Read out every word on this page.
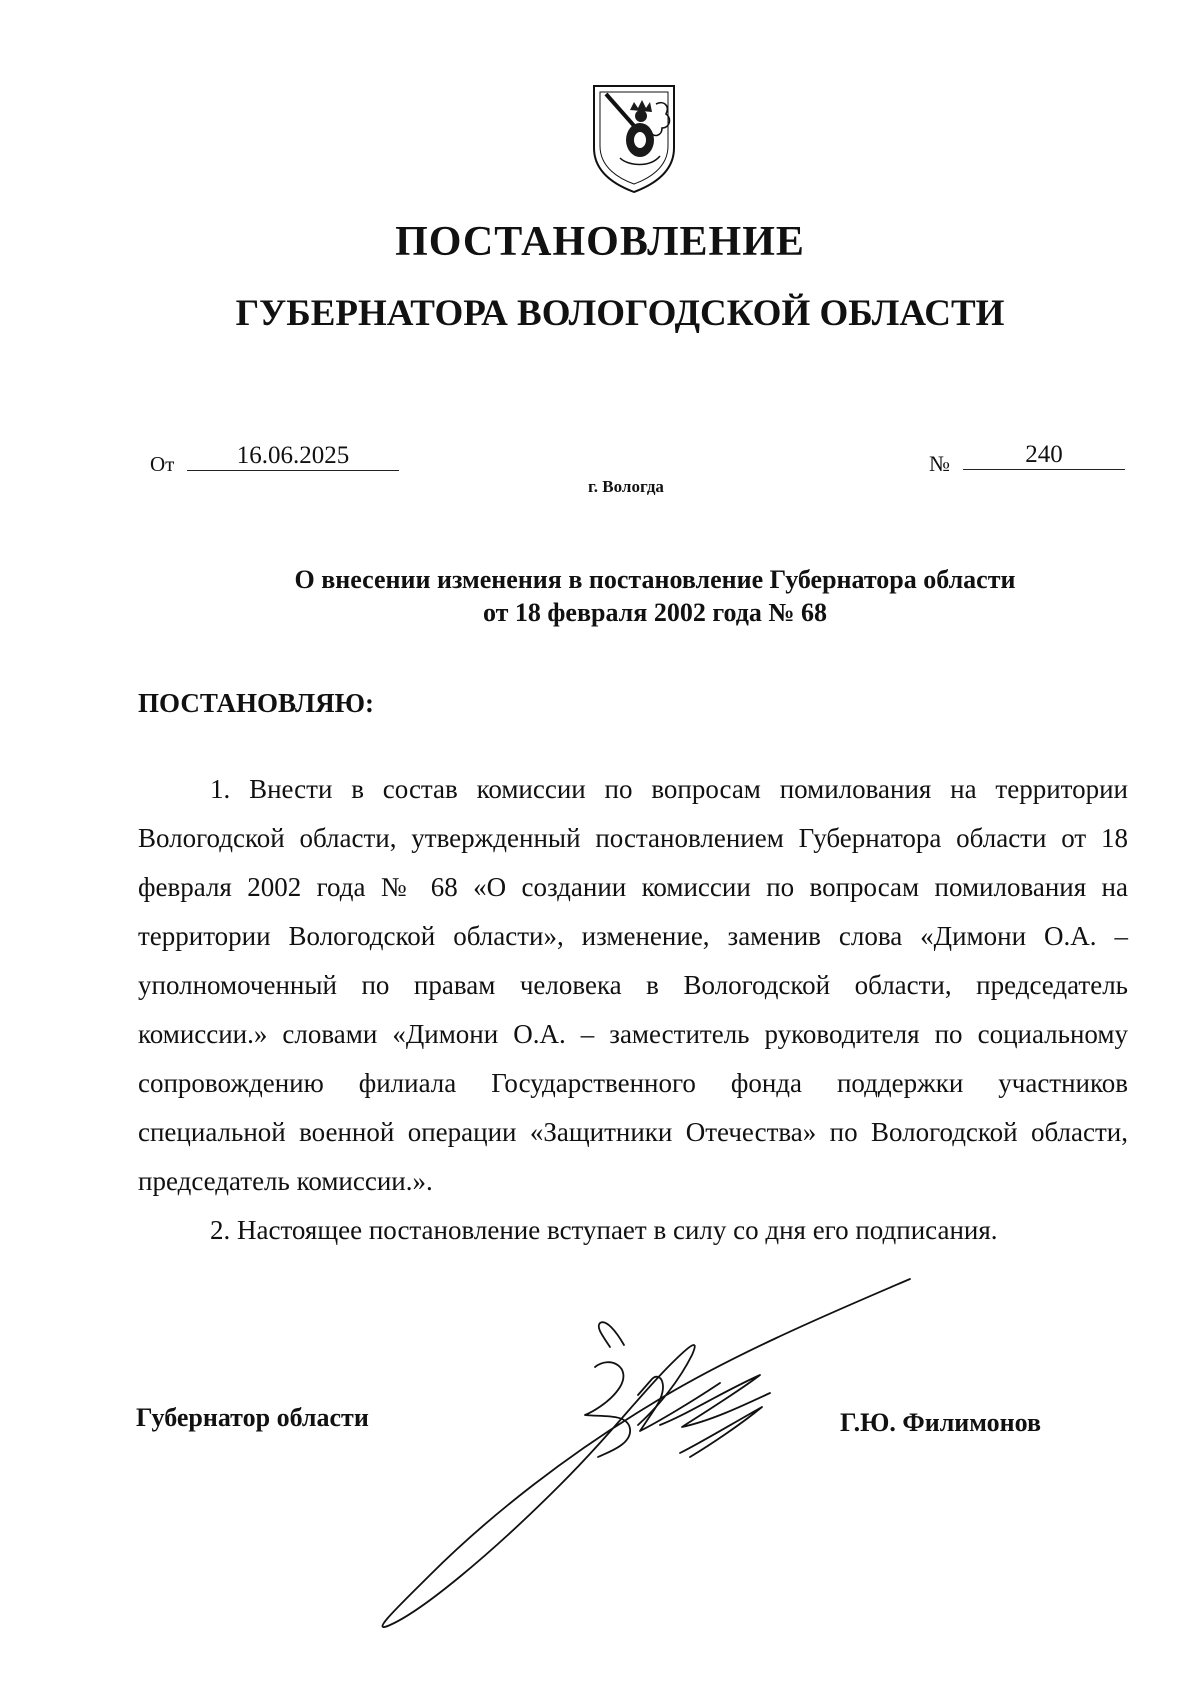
ПОСТАНОВЛЕНИЕ
ГУБЕРНАТОРА ВОЛОГОДСКОЙ ОБЛАСТИ
От	16.06.2025
г. Вологда
№	240
О внесении изменения в постановление Губернатора области
от 18 февраля 2002 года № 68
ПОСТАНОВЛЯЮ:

1. Внести в состав комиссии по вопросам помилования на территории Вологодской области, утвержденный постановлением Губернатора области от 18 февраля 2002 года № 68 «О создании комиссии по вопросам помилования на территории Вологодской области», изменение, заменив слова «Димони О.А. – уполномоченный по правам человека в Вологодской области, председатель комиссии.» словами «Димони О.А. – заместитель руководителя по социальному сопровождению филиала Государственного фонда поддержки участников специальной военной операции «Защитники Отечества» по Вологодской области, председатель комиссии.».

2. Настоящее постановление вступает в силу со дня его подписания.

Губернатор области	Г.Ю. Филимонов
